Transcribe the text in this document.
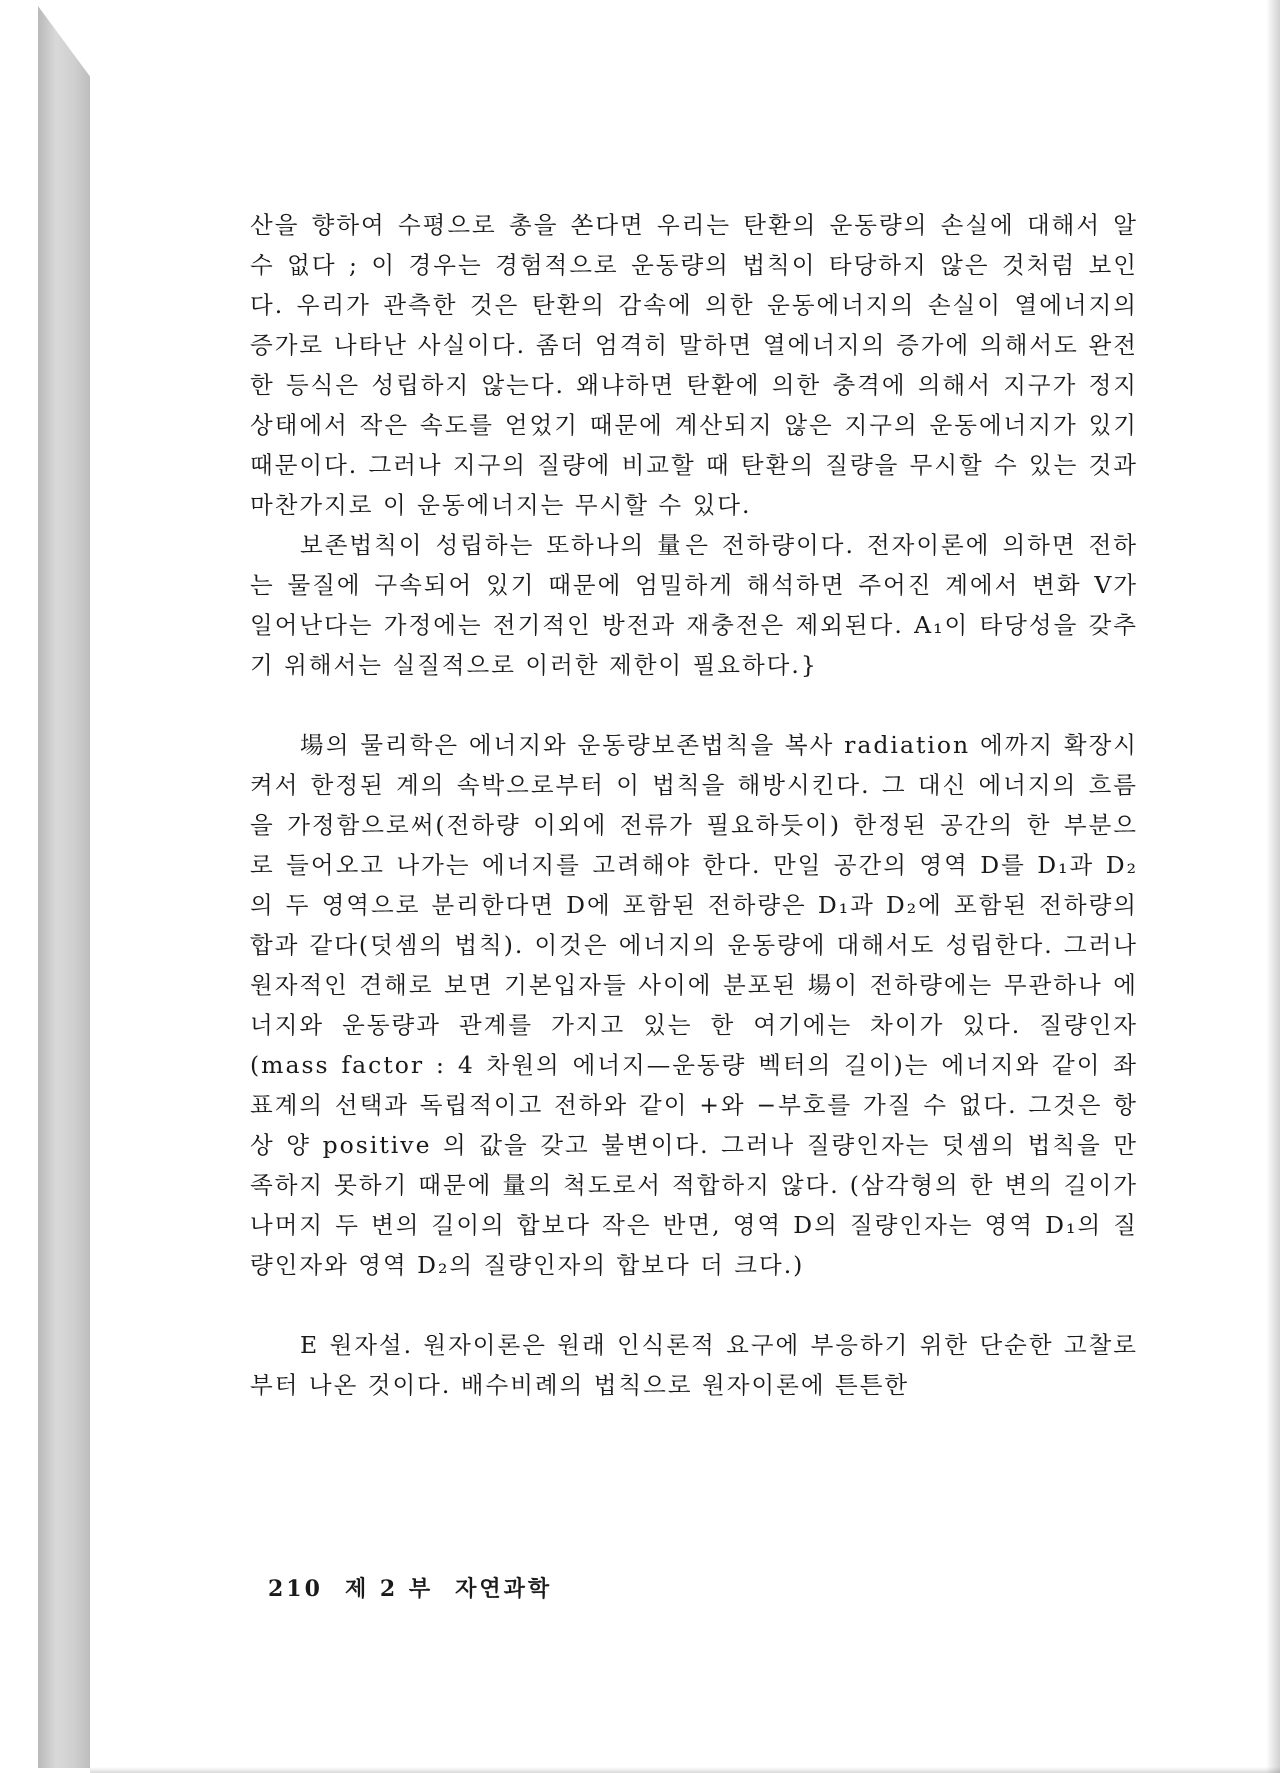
산을 향하여 수평으로 총을 쏜다면 우리는 탄환의 운동량의 손실에 대해서 알 수 없다 ; 이 경우는 경험적으로 운동량의 법칙이 타당하지 않은 것처럼 보인다. 우리가 관측한 것은 탄환의 감속에 의한 운동에너지의 손실이 열에너지의 증가로 나타난 사실이다. 좀더 엄격히 말하면 열에너지의 증가에 의해서도 완전한 등식은 성립하지 않는다. 왜냐하면 탄환에 의한 충격에 의해서 지구가 정지상태에서 작은 속도를 얻었기 때문에 계산되지 않은 지구의 운동에너지가 있기 때문이다. 그러나 지구의 질량에 비교할 때 탄환의 질량을 무시할 수 있는 것과 마찬가지로 이 운동에너지는 무시할 수 있다.

보존법칙이 성립하는 또하나의 量은 전하량이다. 전자이론에 의하면 전하는 물질에 구속되어 있기 때문에 엄밀하게 해석하면 주어진 계에서 변화 V가 일어난다는 가정에는 전기적인 방전과 재충전은 제외된다. A₁이 타당성을 갖추기 위해서는 실질적으로 이러한 제한이 필요하다.}

場의 물리학은 에너지와 운동량보존법칙을 복사 radiation 에까지 확장시켜서 한정된 계의 속박으로부터 이 법칙을 해방시킨다. 그 대신 에너지의 흐름을 가정함으로써(전하량 이외에 전류가 필요하듯이) 한정된 공간의 한 부분으로 들어오고 나가는 에너지를 고려해야 한다. 만일 공간의 영역 D를 D₁과 D₂의 두 영역으로 분리한다면 D에 포함된 전하량은 D₁과 D₂에 포함된 전하량의 합과 같다(덧셈의 법칙). 이것은 에너지의 운동량에 대해서도 성립한다. 그러나 원자적인 견해로 보면 기본입자들 사이에 분포된 場이 전하량에는 무관하나 에너지와 운동량과 관계를 가지고 있는 한 여기에는 차이가 있다. 질량인자(mass factor : 4 차원의 에너지—운동량 벡터의 길이)는 에너지와 같이 좌표계의 선택과 독립적이고 전하와 같이 +와 −부호를 가질 수 없다. 그것은 항상 양 positive 의 값을 갖고 불변이다. 그러나 질량인자는 덧셈의 법칙을 만족하지 못하기 때문에 量의 척도로서 적합하지 않다. (삼각형의 한 변의 길이가 나머지 두 변의 길이의 합보다 작은 반면, 영역 D의 질량인자는 영역 D₁의 질량인자와 영역 D₂의 질량인자의 합보다 더 크다.)

E 원자설. 원자이론은 원래 인식론적 요구에 부응하기 위한 단순한 고찰로부터 나온 것이다. 배수비례의 법칙으로 원자이론에 튼튼한

210 제 2 부 자연과학
